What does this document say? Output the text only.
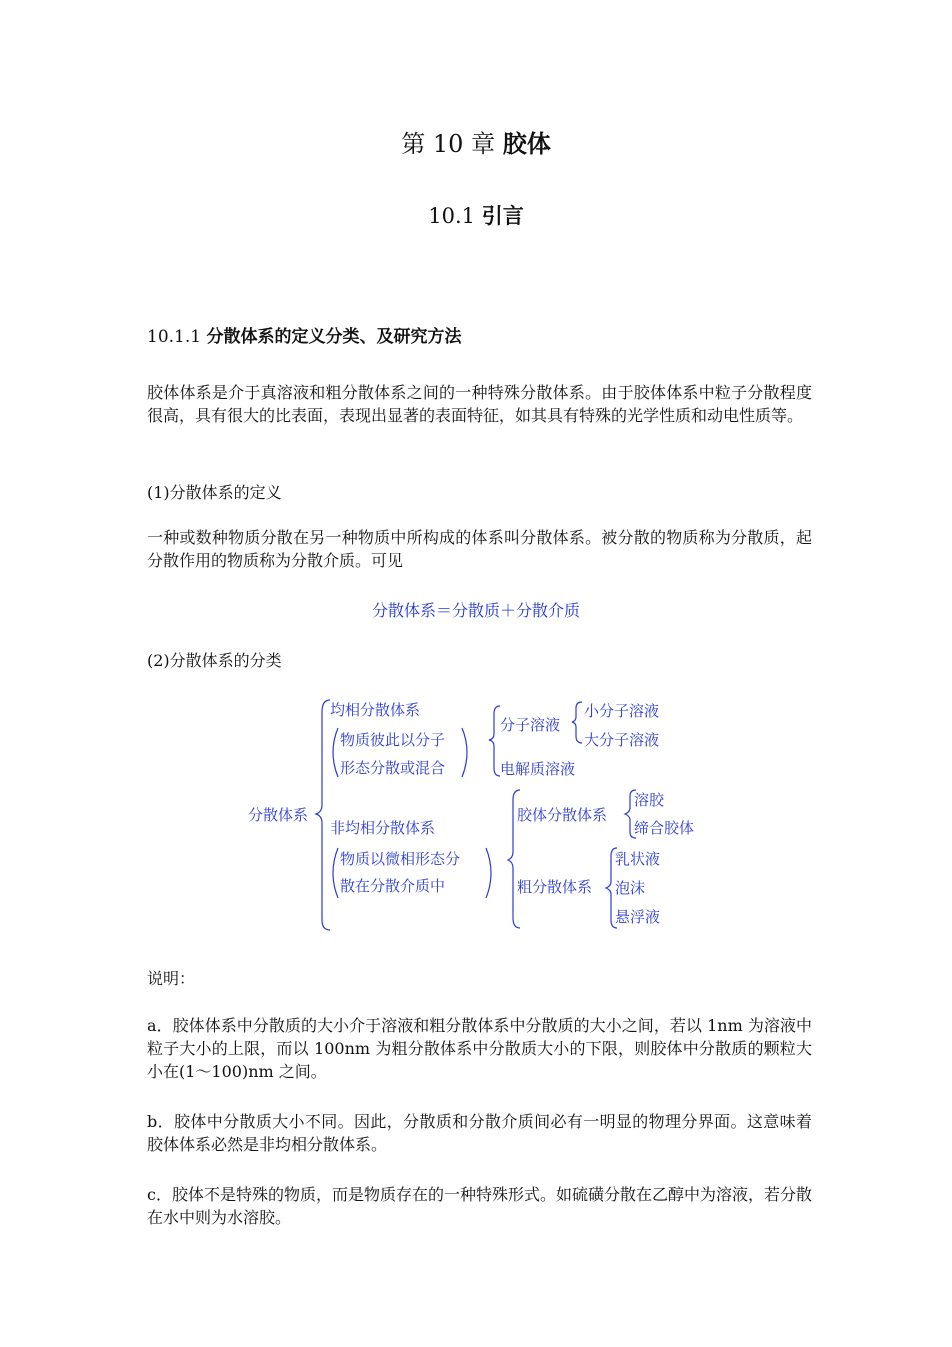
第 10 章 胶体
10.1 引言
10.1.1 分散体系的定义分类、及研究方法

胶体体系是介于真溶液和粗分散体系之间的一种特殊分散体系。由于胶体体系中粒子分散程度很高，具有很大的比表面，表现出显著的表面特征，如其具有特殊的光学性质和动电性质等。

(1)分散体系的定义

一种或数种物质分散在另一种物质中所构成的体系叫分散体系。被分散的物质称为分散质，起分散作用的物质称为分散介质。可见

分散体系＝分散质＋分散介质
(2)分散体系的分类
分散体系
均相分散体系
物质彼此以分子
形态分散或混合
分子溶液
小分子溶液
大分子溶液
电解质溶液
非均相分散体系
物质以微相形态分
散在分散介质中
胶体分散体系
溶胶
缔合胶体
粗分散体系
乳状液
泡沫
悬浮液
说明：

a．胶体体系中分散质的大小介于溶液和粗分散体系中分散质的大小之间，若以 1nm 为溶液中粒子大小的上限，而以 100nm 为粗分散体系中分散质大小的下限，则胶体中分散质的颗粒大小在(1～100)nm 之间。

b．胶体中分散质大小不同。因此，分散质和分散介质间必有一明显的物理分界面。这意味着胶体体系必然是非均相分散体系。

c．胶体不是特殊的物质，而是物质存在的一种特殊形式。如硫磺分散在乙醇中为溶液，若分散在水中则为水溶胶。
